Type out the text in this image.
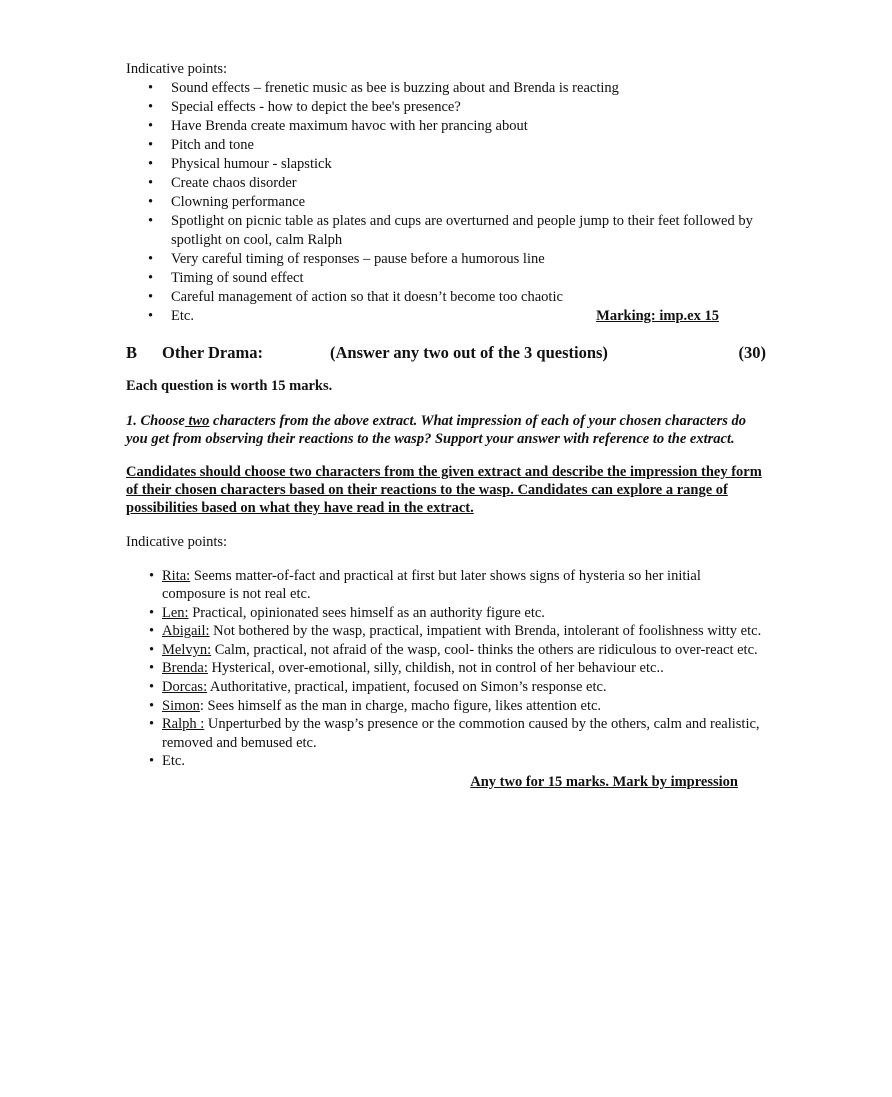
Indicative points:

• Sound effects – frenetic music as bee is buzzing about and Brenda is reacting
• Special effects - how to depict the bee's presence?
• Have Brenda create maximum havoc with her prancing about
• Pitch and tone
• Physical humour - slapstick
• Create chaos disorder
• Clowning performance
• Spotlight on picnic table as plates and cups are overturned and people jump to their feet followed by spotlight on cool, calm Ralph
• Very careful timing of responses – pause before a humorous line
• Timing of sound effect
• Careful management of action so that it doesn’t become too chaotic
• Etc.	Marking: imp.ex 15
B	Other Drama:	(Answer any two out of the 3 questions)	(30)
Each question is worth 15 marks.
1. Choose two characters from the above extract. What impression of each of your chosen characters do you get from observing their reactions to the wasp? Support your answer with reference to the extract.
Candidates should choose two characters from the given extract and describe the impression they form of their chosen characters based on their reactions to the wasp. Candidates can explore a range of possibilities based on what they have read in the extract.

Indicative points:

• Rita: Seems matter-of-fact and practical at first but later shows signs of hysteria so her initial composure is not real etc.
• Len: Practical, opinionated sees himself as an authority figure etc.
• Abigail: Not bothered by the wasp, practical, impatient with Brenda, intolerant of foolishness witty etc.
• Melvyn: Calm, practical, not afraid of the wasp, cool- thinks the others are ridiculous to over-react etc.
• Brenda: Hysterical, over-emotional, silly, childish, not in control of her behaviour etc..
• Dorcas: Authoritative, practical, impatient, focused on Simon’s response etc.
• Simon: Sees himself as the man in charge, macho figure, likes attention etc.
• Ralph : Unperturbed by the wasp’s presence or the commotion caused by the others, calm and realistic, removed and bemused etc.
• Etc.
Any two for 15 marks. Mark by impression
